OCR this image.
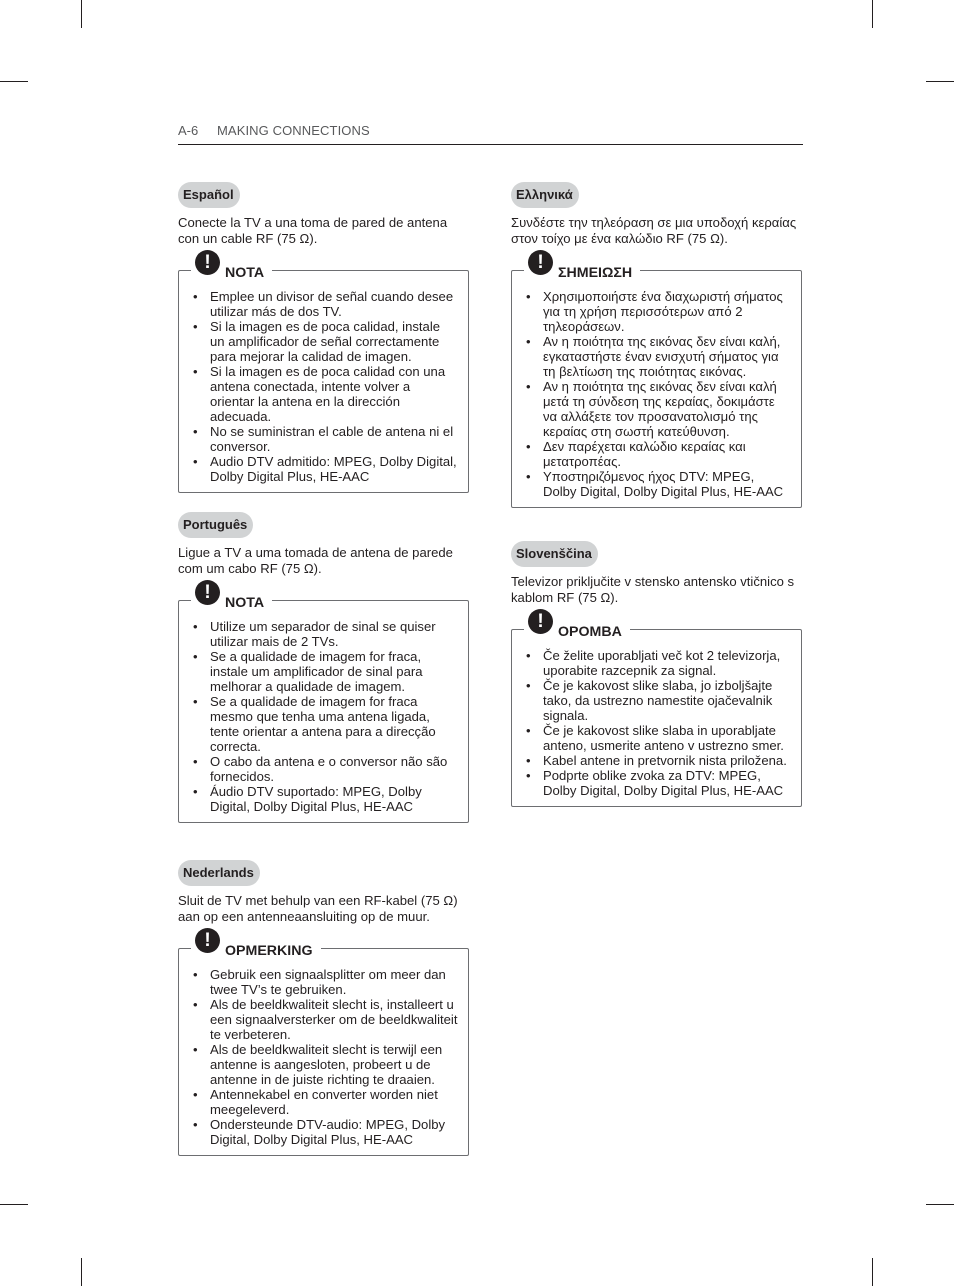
A-6 MAKING CONNECTIONS
Español
Conecte la TV a una toma de pared de antena con un cable RF (75 Ω).
!	NOTA
• Emplee un divisor de señal cuando desee utilizar más de dos TV.
• Si la imagen es de poca calidad, instale un amplificador de señal correctamente para mejorar la calidad de imagen.
• Si la imagen es de poca calidad con una antena conectada, intente volver a orientar la antena en la dirección adecuada.
• No se suministran el cable de antena ni el conversor.
• Audio DTV admitido: MPEG, Dolby Digital, Dolby Digital Plus, HE-AAC
Português
Ligue a TV a uma tomada de antena de parede com um cabo RF (75 Ω).
!	NOTA
• Utilize um separador de sinal se quiser utilizar mais de 2 TVs.
• Se a qualidade de imagem for fraca, instale um amplificador de sinal para melhorar a qualidade de imagem.
• Se a qualidade de imagem for fraca mesmo que tenha uma antena ligada, tente orientar a antena para a direcção correcta.
• O cabo da antena e o conversor não são fornecidos.
• Áudio DTV suportado: MPEG, Dolby Digital, Dolby Digital Plus, HE-AAC
Nederlands
Sluit de TV met behulp van een RF-kabel (75 Ω) aan op een antenneaansluiting op de muur.
!	OPMERKING
• Gebruik een signaalsplitter om meer dan twee TV’s te gebruiken.
• Als de beeldkwaliteit slecht is, installeert u een signaalversterker om de beeldkwaliteit te verbeteren.
• Als de beeldkwaliteit slecht is terwijl een antenne is aangesloten, probeert u de antenne in de juiste richting te draaien.
• Antennekabel en converter worden niet meegeleverd.
• Ondersteunde DTV-audio: MPEG, Dolby Digital, Dolby Digital Plus, HE-AAC
Ελληνικά
Συνδέστε την τηλεόραση σε μια υποδοχή κεραίας στον τοίχο με ένα καλώδιο RF (75 Ω).
!	ΣΗΜΕΙΩΣΗ
• Χρησιμοποιήστε ένα διαχωριστή σήματος για τη χρήση περισσότερων από 2 τηλεοράσεων.
• Αν η ποιότητα της εικόνας δεν είναι καλή, εγκαταστήστε έναν ενισχυτή σήματος για τη βελτίωση της ποιότητας εικόνας.
• Αν η ποιότητα της εικόνας δεν είναι καλή μετά τη σύνδεση της κεραίας, δοκιμάστε να αλλάξετε τον προσανατολισμό της κεραίας στη σωστή κατεύθυνση.
• Δεν παρέχεται καλώδιο κεραίας και μετατροπέας.
• Υποστηριζόμενος ήχος DTV: MPEG, Dolby Digital, Dolby Digital Plus, HE-AAC
Slovenščina
Televizor priključite v stensko antensko vtičnico s kablom RF (75 Ω).
!	OPOMBA
• Če želite uporabljati več kot 2 televizorja, uporabite razcepnik za signal.
• Če je kakovost slike slaba, jo izboljšajte tako, da ustrezno namestite ojačevalnik signala.
• Če je kakovost slike slaba in uporabljate anteno, usmerite anteno v ustrezno smer.
• Kabel antene in pretvornik nista priložena.
• Podprte oblike zvoka za DTV: MPEG, Dolby Digital, Dolby Digital Plus, HE-AAC
